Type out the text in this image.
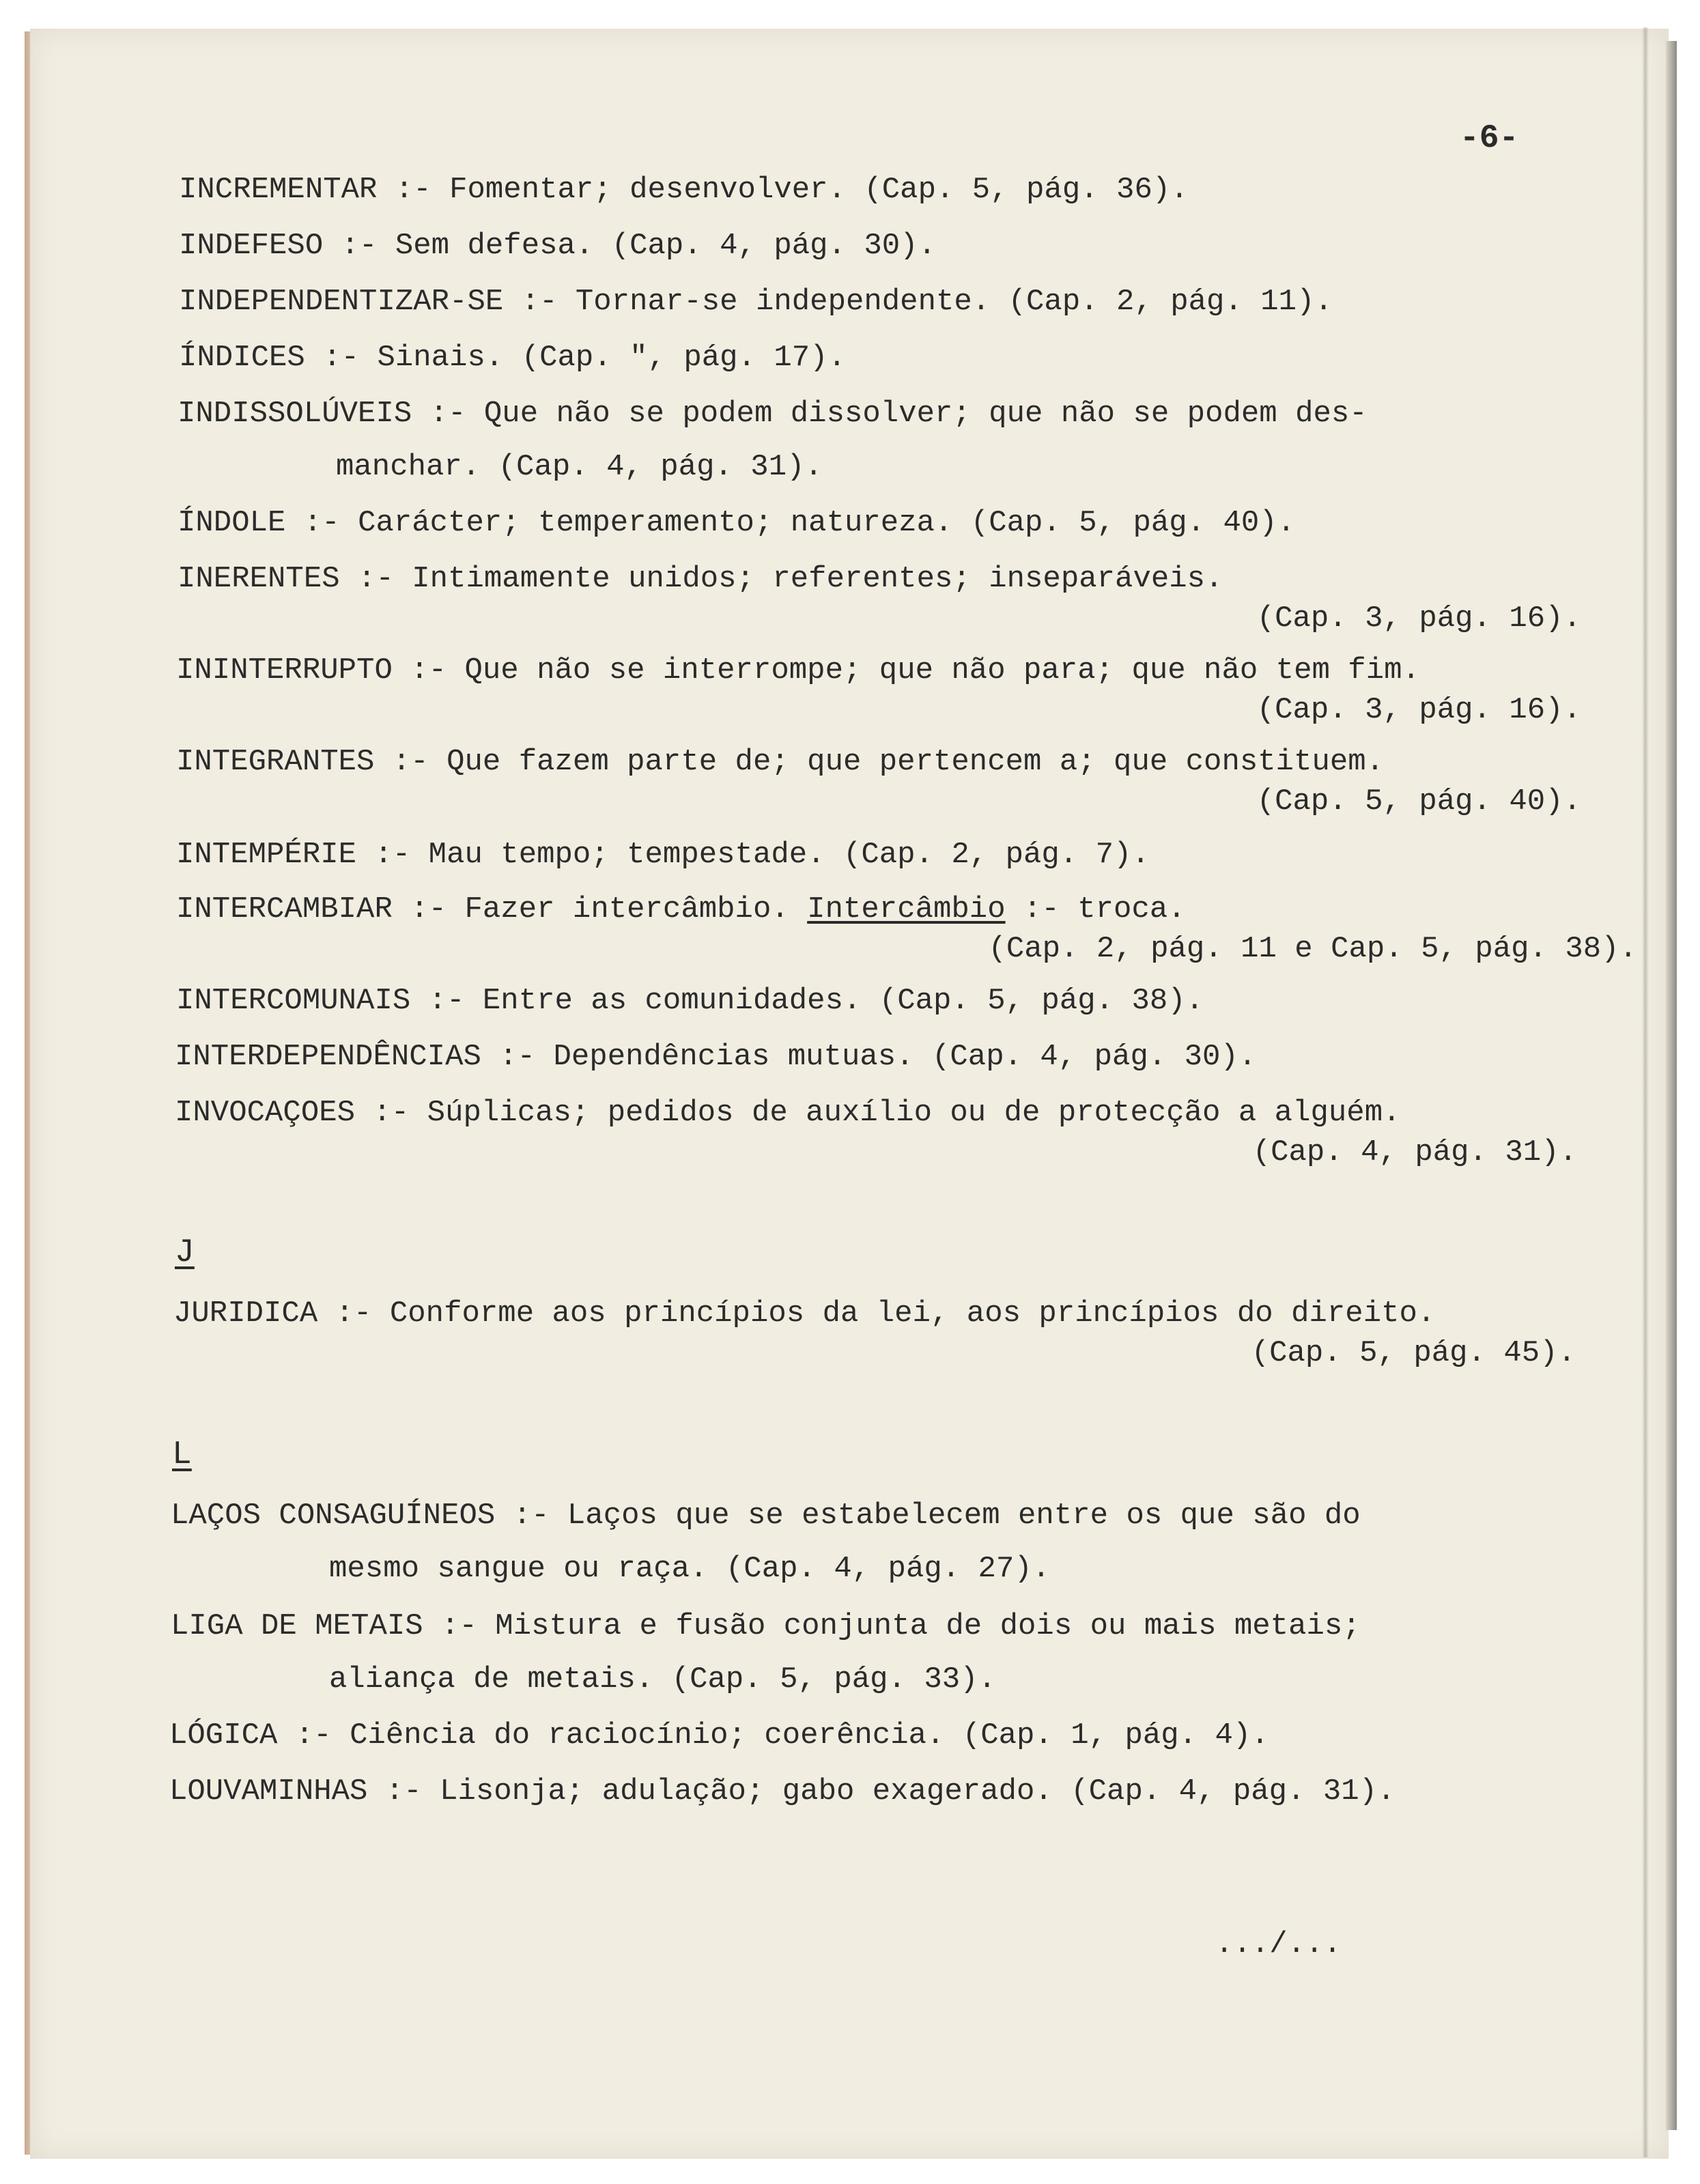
-6-
INCREMENTAR :- Fomentar; desenvolver. (Cap. 5, pág. 36).
INDEFESO :- Sem defesa. (Cap. 4, pág. 30).
INDEPENDENTIZAR-SE :- Tornar-se independente. (Cap. 2, pág. 11).
ÍNDICES :- Sinais. (Cap. ", pág. 17).
INDISSOLÚVEIS :- Que não se podem dissolver; que não se podem des-
manchar. (Cap. 4, pág. 31).
ÍNDOLE :- Carácter; temperamento; natureza. (Cap. 5, pág. 40).
INERENTES :- Intimamente unidos; referentes; inseparáveis.
(Cap. 3, pág. 16).
ININTERRUPTO :- Que não se interrompe; que não para; que não tem fim.
(Cap. 3, pág. 16).
INTEGRANTES :- Que fazem parte de; que pertencem a; que constituem.
(Cap. 5, pág. 40).
INTEMPÉRIE :- Mau tempo; tempestade. (Cap. 2, pág. 7).
INTERCAMBIAR :- Fazer intercâmbio. Intercâmbio :- troca.
(Cap. 2, pág. 11 e Cap. 5, pág. 38).
INTERCOMUNAIS :- Entre as comunidades. (Cap. 5, pág. 38).
INTERDEPENDÊNCIAS :- Dependências mutuas. (Cap. 4, pág. 30).
INVOCAÇOES :- Súplicas; pedidos de auxílio ou de protecção a alguém.
(Cap. 4, pág. 31).
J
JURIDICA :- Conforme aos princípios da lei, aos princípios do direito.
(Cap. 5, pág. 45).
L
LAÇOS CONSAGUÍNEOS :- Laços que se estabelecem entre os que são do
mesmo sangue ou raça. (Cap. 4, pág. 27).
LIGA DE METAIS :- Mistura e fusão conjunta de dois ou mais metais;
aliança de metais. (Cap. 5, pág. 33).
LÓGICA :- Ciência do raciocínio; coerência. (Cap. 1, pág. 4).
LOUVAMINHAS :- Lisonja; adulação; gabo exagerado. (Cap. 4, pág. 31).
.../...
